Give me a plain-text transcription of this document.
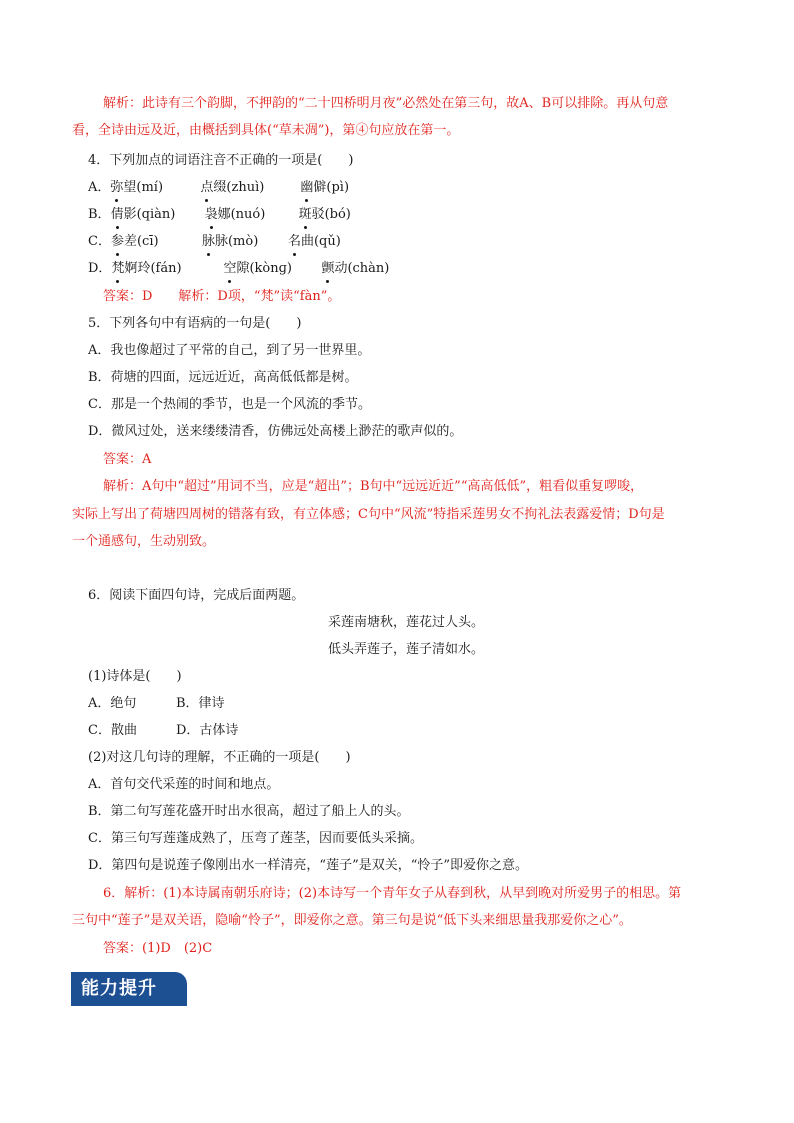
解析：此诗有三个韵脚，不押韵的“二十四桥明月夜”必然处在第三句，故A、B可以排除。再从句意
看，全诗由远及近，由概括到具体(“草未凋”)，第④句应放在第一。
4．下列加点的词语注音不正确的一项是(　　)
A．弥望(mí)	点缀(zhuì)	幽僻(pì)
B．倩影(qiàn) 袅娜(nuó)	斑驳(bó)
C．参差(cī)	脉脉(mò) 名曲(qǔ)
D．梵婀玲(fán)	空隙(kònɡ) 颤动(chàn)
答案：D　　解析：D项，“梵”读“fàn”。
5．下列各句中有语病的一句是(　　)
A．我也像超过了平常的自己，到了另一世界里。
B．荷塘的四面，远远近近，高高低低都是树。
C．那是一个热闹的季节，也是一个风流的季节。
D．微风过处，送来缕缕清香，仿佛远处高楼上渺茫的歌声似的。
答案：A
解析：A句中“超过”用词不当，应是“超出”；B句中“远远近近”“高高低低”，粗看似重复啰唆，
实际上写出了荷塘四周树的错落有致，有立体感；C句中“风流”特指采莲男女不拘礼法表露爱情；D句是
一个通感句，生动别致。
6．阅读下面四句诗，完成后面两题。
采莲南塘秋，莲花过人头。
低头弄莲子，莲子清如水。
(1)诗体是(　　)
A．绝句	B．律诗
C．散曲	D．古体诗
(2)对这几句诗的理解，不正确的一项是(　　)
A．首句交代采莲的时间和地点。
B．第二句写莲花盛开时出水很高，超过了船上人的头。
C．第三句写莲蓬成熟了，压弯了莲茎，因而要低头采摘。
D．第四句是说莲子像刚出水一样清亮，“莲子”是双关，“怜子”即爱你之意。
6．解析：(1)本诗属南朝乐府诗；(2)本诗写一个青年女子从春到秋，从早到晚对所爱男子的相思。第
三句中“莲子”是双关语，隐喻“怜子”，即爱你之意。第三句是说“低下头来细思量我那爱你之心”。
答案：(1)D　(2)C
能力提升
